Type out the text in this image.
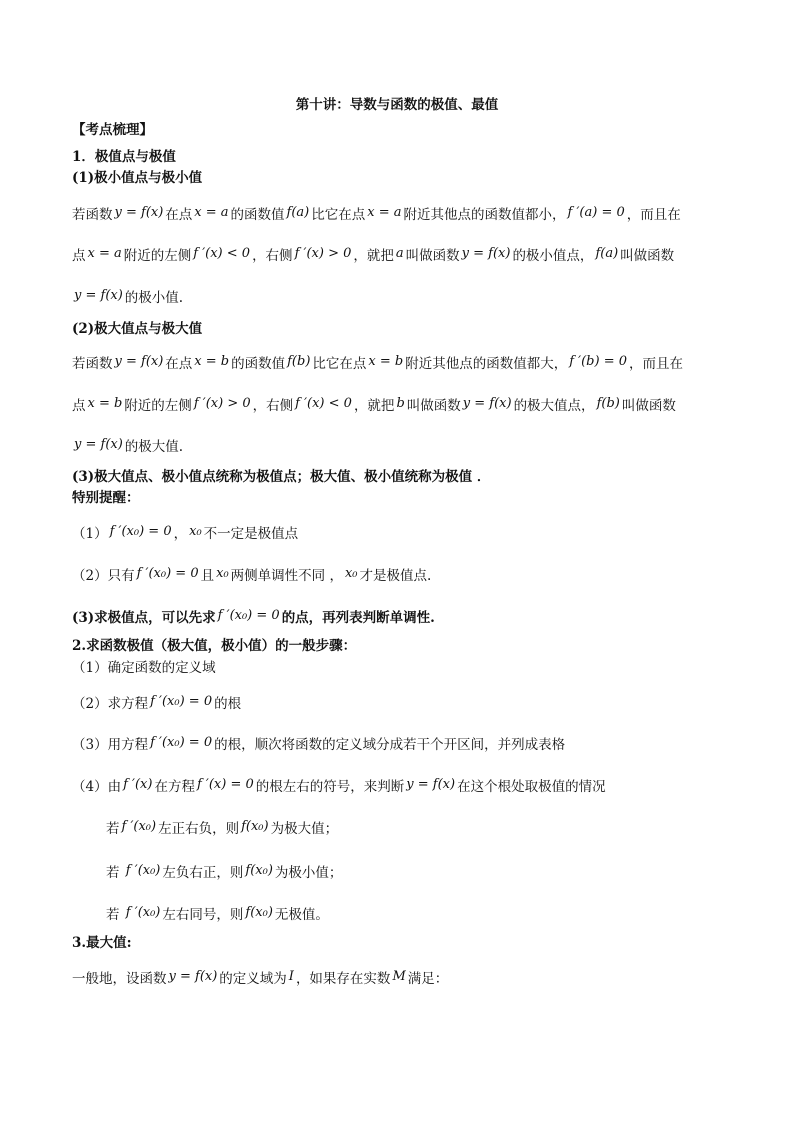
第十讲：导数与函数的极值、最值
【考点梳理】
1．极值点与极值
(1)极小值点与极小值
若函数 y = f(x) 在点 x = a 的函数值 f(a) 比它在点 x = a 附近其他点的函数值都小， f ′(a) = 0 ，而且在
点 x = a 附近的左侧 f ′(x) < 0 ，右侧 f ′(x) > 0 ，就把 a 叫做函数 y = f(x) 的极小值点， f(a) 叫做函数
y = f(x) 的极小值.
(2)极大值点与极大值
若函数 y = f(x) 在点 x = b 的函数值 f(b) 比它在点 x = b 附近其他点的函数值都大， f ′(b) = 0 ，而且在
点 x = b 附近的左侧 f ′(x) > 0 ，右侧 f ′(x) < 0 ，就把 b 叫做函数 y = f(x) 的极大值点， f(b) 叫做函数
y = f(x) 的极大值.
(3)极大值点、极小值点统称为极值点；极大值、极小值统称为极值 ．
特别提醒：
（1） f ′(x₀) = 0 ， x₀ 不一定是极值点
（2）只有 f ′(x₀) = 0 且 x₀ 两侧单调性不同 ， x₀ 才是极值点.
(3)求极值点，可以先求 f ′(x₀) = 0 的点，再列表判断单调性.
2.求函数极值（极大值，极小值）的一般步骤：
（1）确定函数的定义域
（2）求方程 f ′(x₀) = 0 的根
（3）用方程 f ′(x₀) = 0 的根，顺次将函数的定义域分成若干个开区间，并列成表格
（4）由 f ′(x) 在方程 f ′(x) = 0 的根左右的符号，来判断 y = f(x) 在这个根处取极值的情况
若 f ′(x₀) 左正右负，则 f(x₀) 为极大值；
若 f ′(x₀) 左负右正，则 f(x₀) 为极小值；
若 f ′(x₀) 左右同号，则 f(x₀) 无极值。
3.最大值:
一般地，设函数 y = f(x) 的定义域为 I ，如果存在实数 M 满足：
